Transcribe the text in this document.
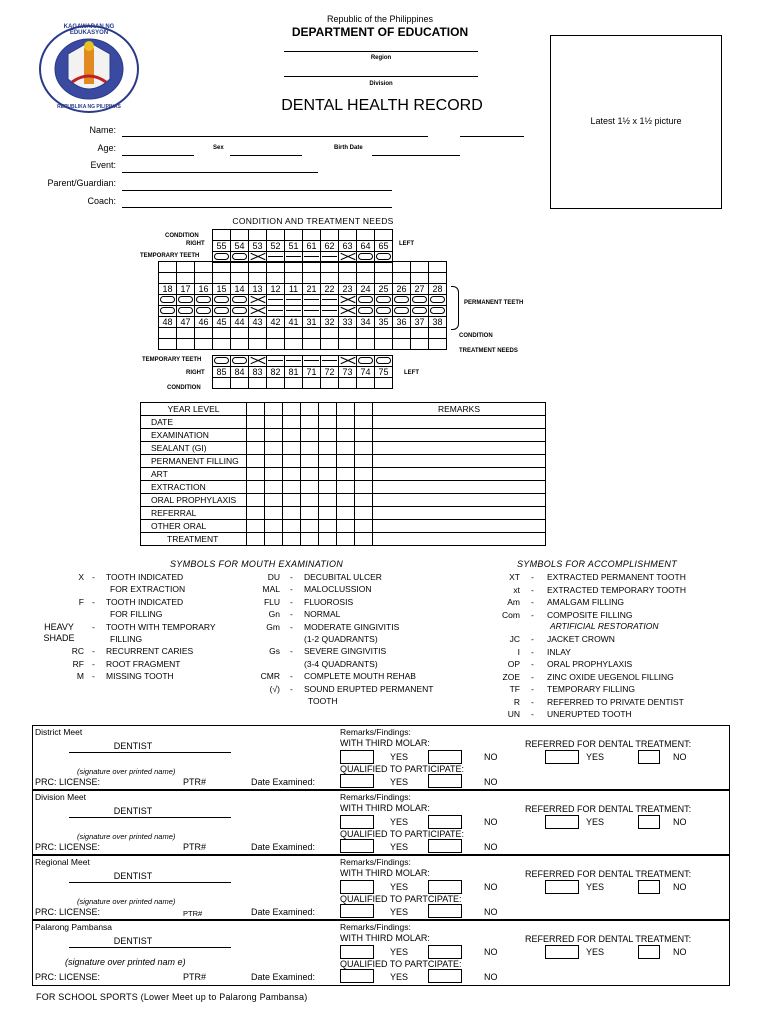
KAGAWARAN NG EDUKASYON
REPUBLIKA NG PILIPINAS
Republic of the Philippines
DEPARTMENT OF EDUCATION
Region
Division
DENTAL HEALTH RECORD
Latest 1½ x 1½ picture
Name:
Age:	Sex	Birth Date
Event:
Parent/Guardian:
Coach:
CONDITION AND TREATMENT NEEDS
CONDITION
RIGHT
TEMPORARY TEETH
LEFT

55	54	53	52	51	61	62	63	64	65

18	17	16	15	14	13	12	11	21	22	23	24	25	26	27	28

48	47	46	45	44	43	42	41	31	32	33	34	35	36	37	38

PERMANENT TEETH
CONDITION
TREATMENT NEEDS
TEMPORARY TEETH
RIGHT
CONDITION
LEFT

85	84	83	82	81	71	72	73	74	75

YEAR LEVEL								REMARKS
DATE								
EXAMINATION								
SEALANT (GI)								
PERMANENT FILLING								
ART								
EXTRACTION								
ORAL PROPHYLAXIS								
REFERRAL								
OTHER ORAL								
TREATMENT								
SYMBOLS FOR MOUTH EXAMINATION
HEAVY
SHADE
X - TOOTH INDICATED
FOR EXTRACTION
F - TOOTH INDICATED
FOR FILLING
- TOOTH WITH TEMPORARY
FILLING
RC - RECURRENT CARIES
RF - ROOT FRAGMENT
M - MISSING TOOTH
DU - DECUBITAL ULCER
MAL - MALOCLUSSION
FLU - FLUOROSIS
Gn - NORMAL
Gm - MODERATE GINGIVITIS
(1-2 QUADRANTS)
Gs - SEVERE GINGIVITIS
(3-4 QUADRANTS)
CMR - COMPLETE MOUTH REHAB
(√) - SOUND ERUPTED PERMANENT
TOOTH
SYMBOLS FOR ACCOMPLISHMENT
ARTIFICIAL RESTORATION
XT - EXTRACTED PERMANENT TOOTH
xt - EXTRACTED TEMPORARY TOOTH
Am - AMALGAM FILLING
Com - COMPOSITE FILLING
JC - JACKET CROWN
I - INLAY
OP - ORAL PROPHYLAXIS
ZOE - ZINC OXIDE UEGENOL FILLING
TF - TEMPORARY FILLING
R - REFERRED TO PRIVATE DENTIST
UN - UNERUPTED TOOTH
District Meet	Remarks/Findings:
WITH THIRD MOLAR:	REFERRED FOR DENTAL TREATMENT:
DENTIST
(signature over printed name)
YES	NO	YES	NO
QUALIFIED TO PARTICIPATE:
YES	NO
PRC: LICENSE:	PTR#	Date Examined:
Division Meet	Remarks/Findings:
WITH THIRD MOLAR:	REFERRED FOR DENTAL TREATMENT:
DENTIST
(signature over printed name)
YES	NO	YES	NO
QUALIFIED TO PARTICIPATE:
YES	NO
PRC: LICENSE:	PTR#	Date Examined:
Regional Meet	Remarks/Findings:
WITH THIRD MOLAR:	REFERRED FOR DENTAL TREATMENT:
DENTIST
(signature over printed name)
YES	NO	YES	NO
QUALIFIED TO PARTCIPATE:
YES	NO
PRC: LICENSE:	PTR#	Date Examined:
Palarong Pambansa	Remarks/Findings:
WITH THIRD MOLAR:	REFERRED FOR DENTAL TREATMENT:
DENTIST
(signature over printed nam e)
YES	NO	YES	NO
QUALIFIED TO PARTCIPATE:
YES	NO
PRC: LICENSE:	PTR#	Date Examined:
FOR SCHOOL SPORTS (Lower Meet up to Palarong Pambansa)
